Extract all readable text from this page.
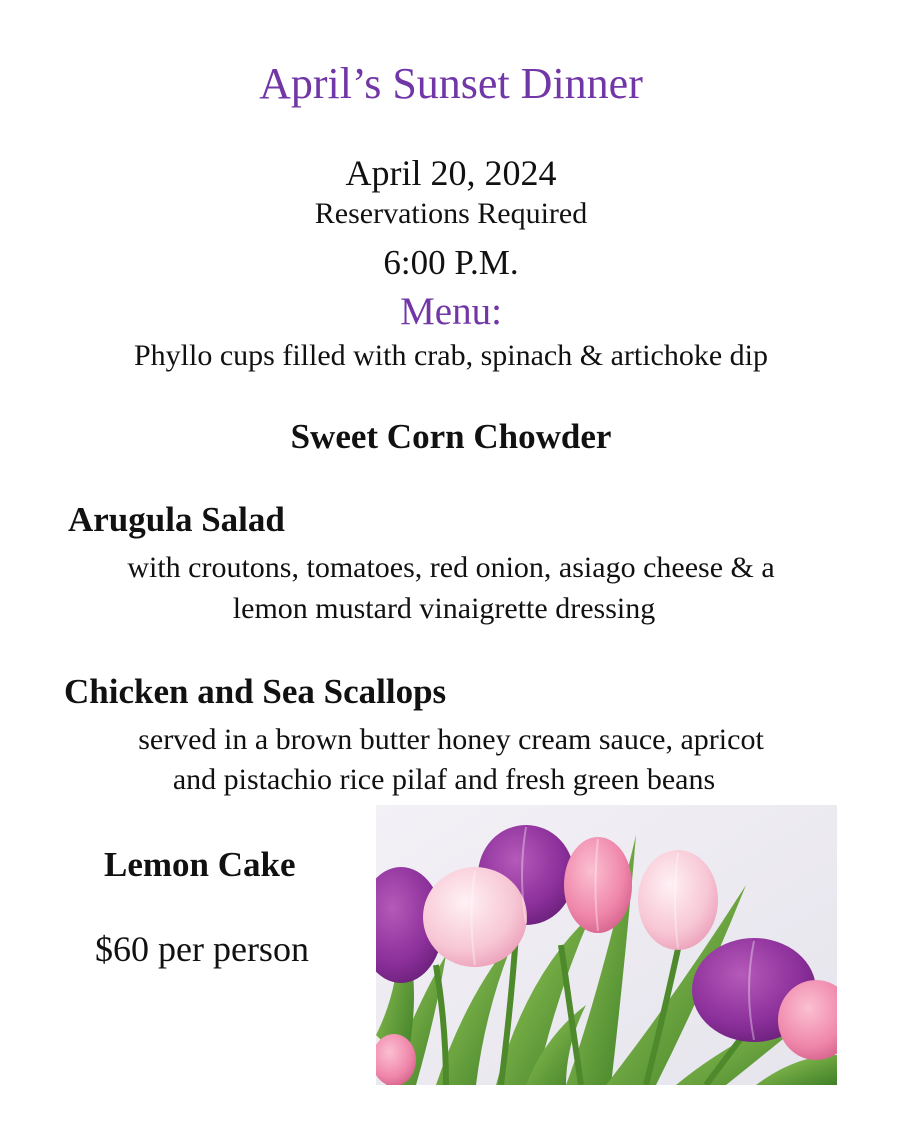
April’s Sunset Dinner
April 20, 2024
Reservations Required
6:00 P.M.
Menu:
Phyllo cups filled with crab, spinach & artichoke dip
Sweet Corn Chowder
Arugula Salad
with croutons, tomatoes, red onion, asiago cheese & a
lemon mustard vinaigrette dressing
Chicken and Sea Scallops
served in a brown butter honey cream sauce, apricot
and pistachio rice pilaf and fresh green beans
Lemon Cake
$60 per person
